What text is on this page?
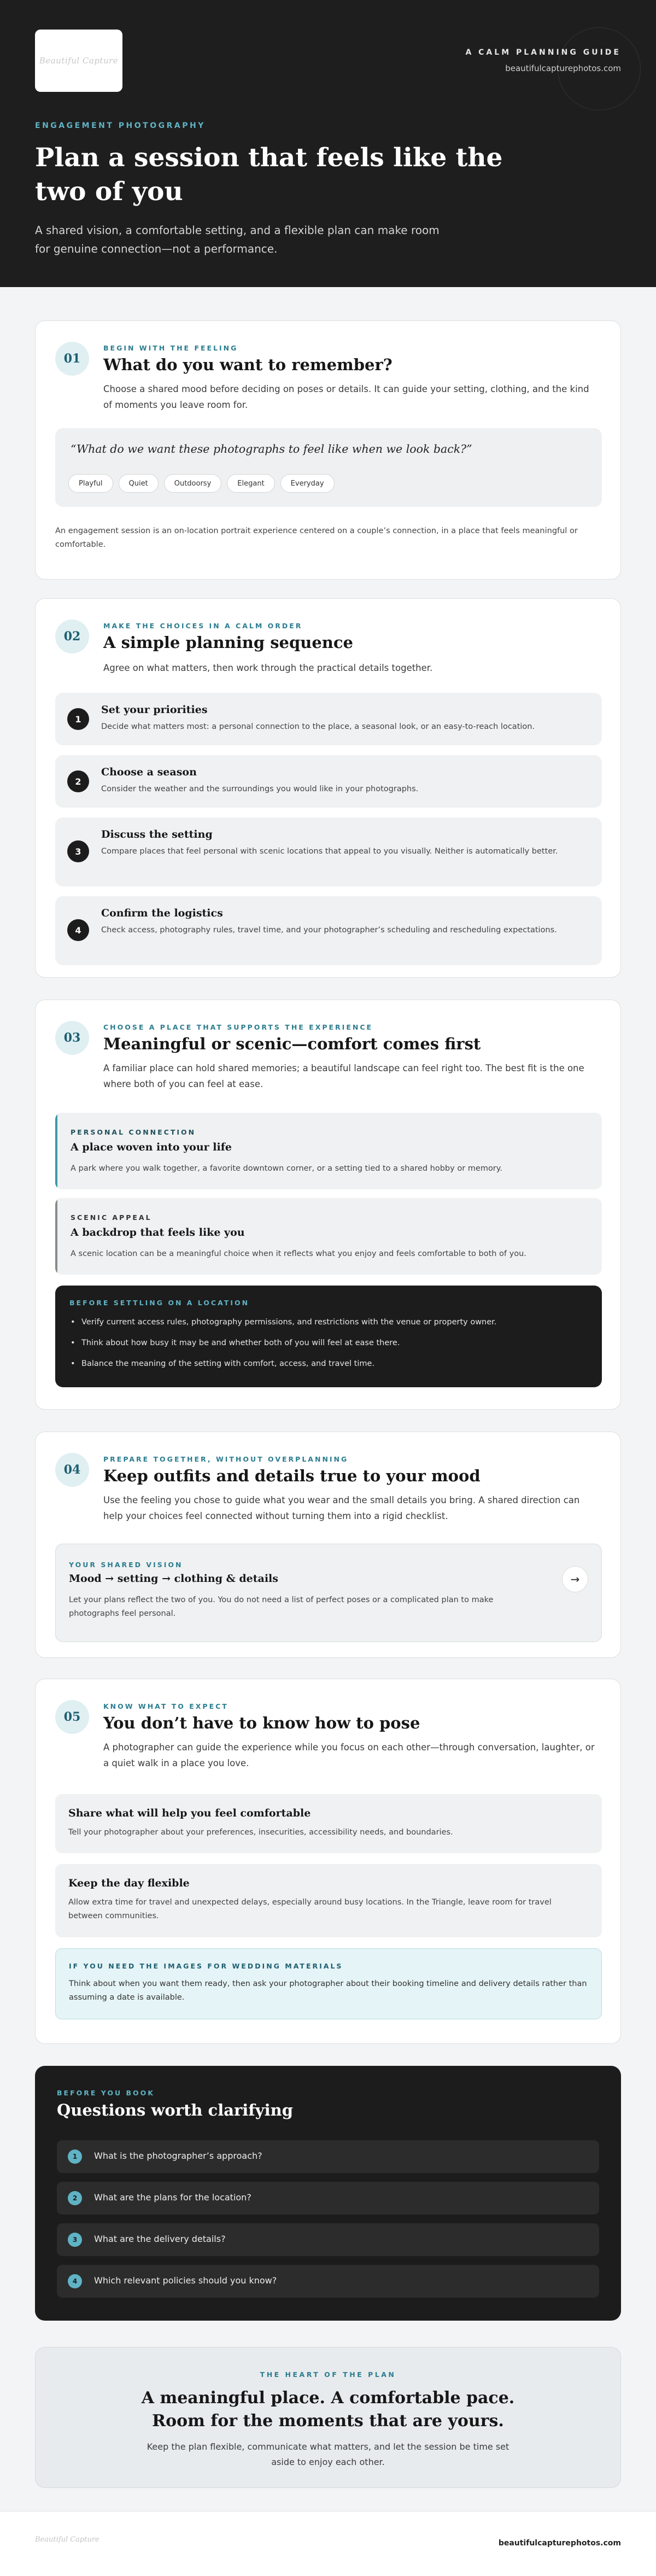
Beautiful Capture
A CALM PLANNING GUIDE
beautifulcapturephotos.com
ENGAGEMENT PHOTOGRAPHY
Plan a session that feels like the two of you

A shared vision, a comfortable setting, and a flexible plan can make room for genuine connection—not a performance.

01
BEGIN WITH THE FEELING
What do you want to remember?

Choose a shared mood before deciding on poses or details. It can guide your setting, clothing, and the kind of moments you leave room for.

“What do we want these photographs to feel like when we look back?”
Playful	Quiet	Outdoorsy	Elegant	Everyday

An engagement session is an on-location portrait experience centered on a couple’s connection, in a place that feels meaningful or comfortable.

02
MAKE THE CHOICES IN A CALM ORDER
A simple planning sequence

Agree on what matters, then work through the practical details together.

1
Set your priorities
Decide what matters most: a personal connection to the place, a seasonal look, or an easy-to-reach location.
2
Choose a season
Consider the weather and the surroundings you would like in your photographs.
3
Discuss the setting
Compare places that feel personal with scenic locations that appeal to you visually. Neither is automatically better.
4
Confirm the logistics
Check access, photography rules, travel time, and your photographer’s scheduling and rescheduling expectations.
03
CHOOSE A PLACE THAT SUPPORTS THE EXPERIENCE
Meaningful or scenic—comfort comes first

A familiar place can hold shared memories; a beautiful landscape can feel right too. The best fit is the one where both of you can feel at ease.

PERSONAL CONNECTION
A place woven into your life
A park where you walk together, a favorite downtown corner, or a setting tied to a shared hobby or memory.
SCENIC APPEAL
A backdrop that feels like you
A scenic location can be a meaningful choice when it reflects what you enjoy and feels comfortable to both of you.
BEFORE SETTLING ON A LOCATION
• Verify current access rules, photography permissions, and restrictions with the venue or property owner.
• Think about how busy it may be and whether both of you will feel at ease there.
• Balance the meaning of the setting with comfort, access, and travel time.
04
PREPARE TOGETHER, WITHOUT OVERPLANNING
Keep outfits and details true to your mood

Use the feeling you chose to guide what you wear and the small details you bring. A shared direction can help your choices feel connected without turning them into a rigid checklist.

YOUR SHARED VISION
Mood → setting → clothing & details
Let your plans reflect the two of you. You do not need a list of perfect poses or a complicated plan to make photographs feel personal.
→
05
KNOW WHAT TO EXPECT
You don’t have to know how to pose

A photographer can guide the experience while you focus on each other—through conversation, laughter, or a quiet walk in a place you love.

Share what will help you feel comfortable
Tell your photographer about your preferences, insecurities, accessibility needs, and boundaries.
Keep the day flexible
Allow extra time for travel and unexpected delays, especially around busy locations. In the Triangle, leave room for travel between communities.
IF YOU NEED THE IMAGES FOR WEDDING MATERIALS
Think about when you want them ready, then ask your photographer about their booking timeline and delivery details rather than assuming a date is available.
BEFORE YOU BOOK
Questions worth clarifying
1	What is the photographer’s approach?
2	What are the plans for the location?
3	What are the delivery details?
4	Which relevant policies should you know?
THE HEART OF THE PLAN
A meaningful place. A comfortable pace.
Room for the moments that are yours.

Keep the plan flexible, communicate what matters, and let the session be time set aside to enjoy each other.

Beautiful Capture	beautifulcapturephotos.com
